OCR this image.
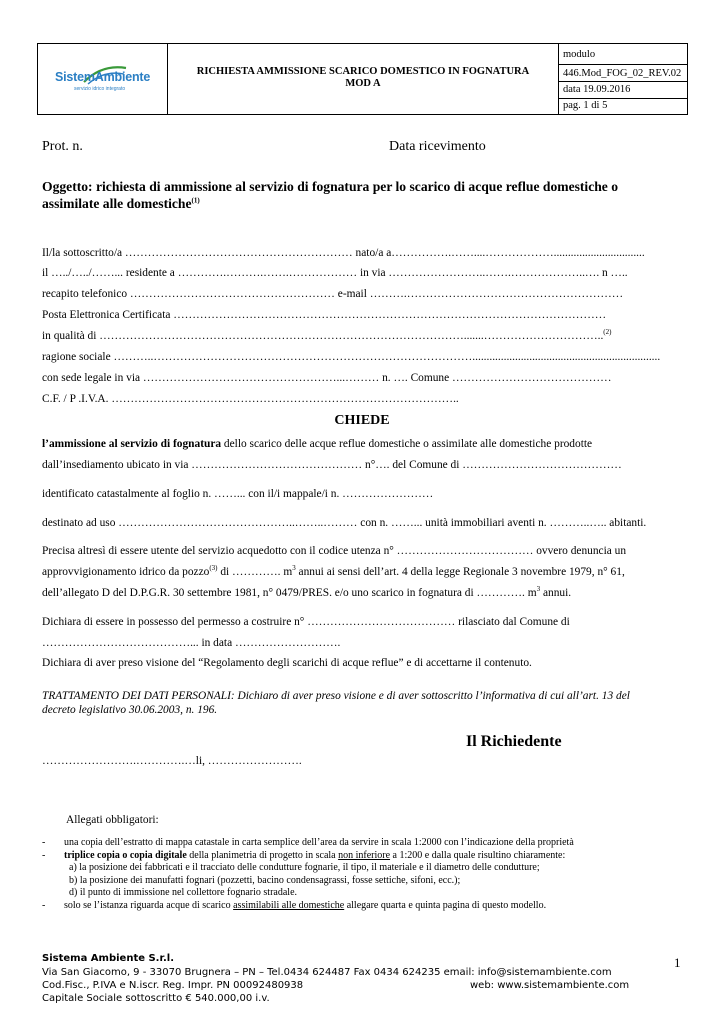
SistemAmbiente
servizio idrico integrato
RICHIESTA AMMISSIONE SCARICO DOMESTICO IN FOGNATURA
MOD A
modulo
446.Mod_FOG_02_REV.02
data 19.09.2016
pag. 1 di 5
Prot. n.	Data ricevimento
Oggetto: richiesta di ammissione al servizio di fognatura per lo scarico di acque reflue domestiche o
assimilate alle domestiche$^{(1)}$
Il/la sottoscritto/a …………………………………………………… nato/a a…………….……....………………................................
il …../…../……... residente a ………….……….…….……………… in via ……………………..…….………………..…. n …..
recapito telefonico ……………………………………………… e-mail ……….…………………………………………………
Posta Elettronica Certificata ……………………………………………………………………………………………………
in qualità di …………………………………………………………………………………….......…………………………..$^{(2)}$
ragione sociale ………..…………………………………………………………………………..................................................................
con sede legale in via ……………………………………………...……… n. …. Comune ……………………………………
C.F. / P .I.V.A. ………………………………………………………………………………..
CHIEDE
l’ammissione al servizio di fognatura dello scarico delle acque reflue domestiche o assimilate alle domestiche prodotte
dall’insediamento ubicato in via ……………………………………… n°…. del Comune di ……………………………………
identificato catastalmente al foglio n. ……... con il/i mappale/i n. ……………………
destinato ad uso ………………………………………..……..……… con n. ……... unità immobiliari aventi n. ………..….. abitanti.
Precisa altresì di essere utente del servizio acquedotto con il codice utenza n° ……………………………… ovvero denuncia un
approvvigionamento idrico da pozzo$^{(3)}$ di …………. $m^3$ annui ai sensi dell’art. 4 della legge Regionale 3 novembre 1979, n° 61,
dell’allegato D del D.P.G.R. 30 settembre 1981, n° 0479/PRES. e/o uno scarico in fognatura di …………. $m^3$ annui.
Dichiara di essere in possesso del permesso a costruire n° ………………………………… rilasciato dal Comune di
…………………………………... in data ……………………….
Dichiara di aver preso visione del “Regolamento degli scarichi di acque reflue” e di accettarne il contenuto.
TRATTAMENTO DEI DATI PERSONALI: Dichiaro di aver preso visione e di aver sottoscritto l’informativa di cui all’art. 13 del
decreto legislativo 30.06.2003, n. 196.
Il Richiedente
…………………….………….…li, …………………….
Allegati obbligatori:
- una copia dell’estratto di mappa catastale in carta semplice dell’area da servire in scala 1:2000 con l’indicazione della proprietà
- triplice copia o copia digitale della planimetria di progetto in scala non inferiore a 1:200 e dalla quale risultino chiaramente:
a) la posizione dei fabbricati e il tracciato delle condutture fognarie, il tipo, il materiale e il diametro delle condutture;
b) la posizione dei manufatti fognari (pozzetti, bacino condensagrassi, fosse settiche, sifoni, ecc.);
d) il punto di immissione nel collettore fognario stradale.
- solo se l’istanza riguarda acque di scarico assimilabili alle domestiche allegare quarta e quinta pagina di questo modello.
Sistema Ambiente S.r.l.	1
Via San Giacomo, 9 - 33070 Brugnera – PN – Tel.0434 624487 Fax 0434 624235 email: info@sistemambiente.com
Cod.Fisc., P.IVA e N.iscr. Reg. Impr. PN 00092480938	web: www.sistemambiente.com
Capitale Sociale sottoscritto € 540.000,00 i.v.
